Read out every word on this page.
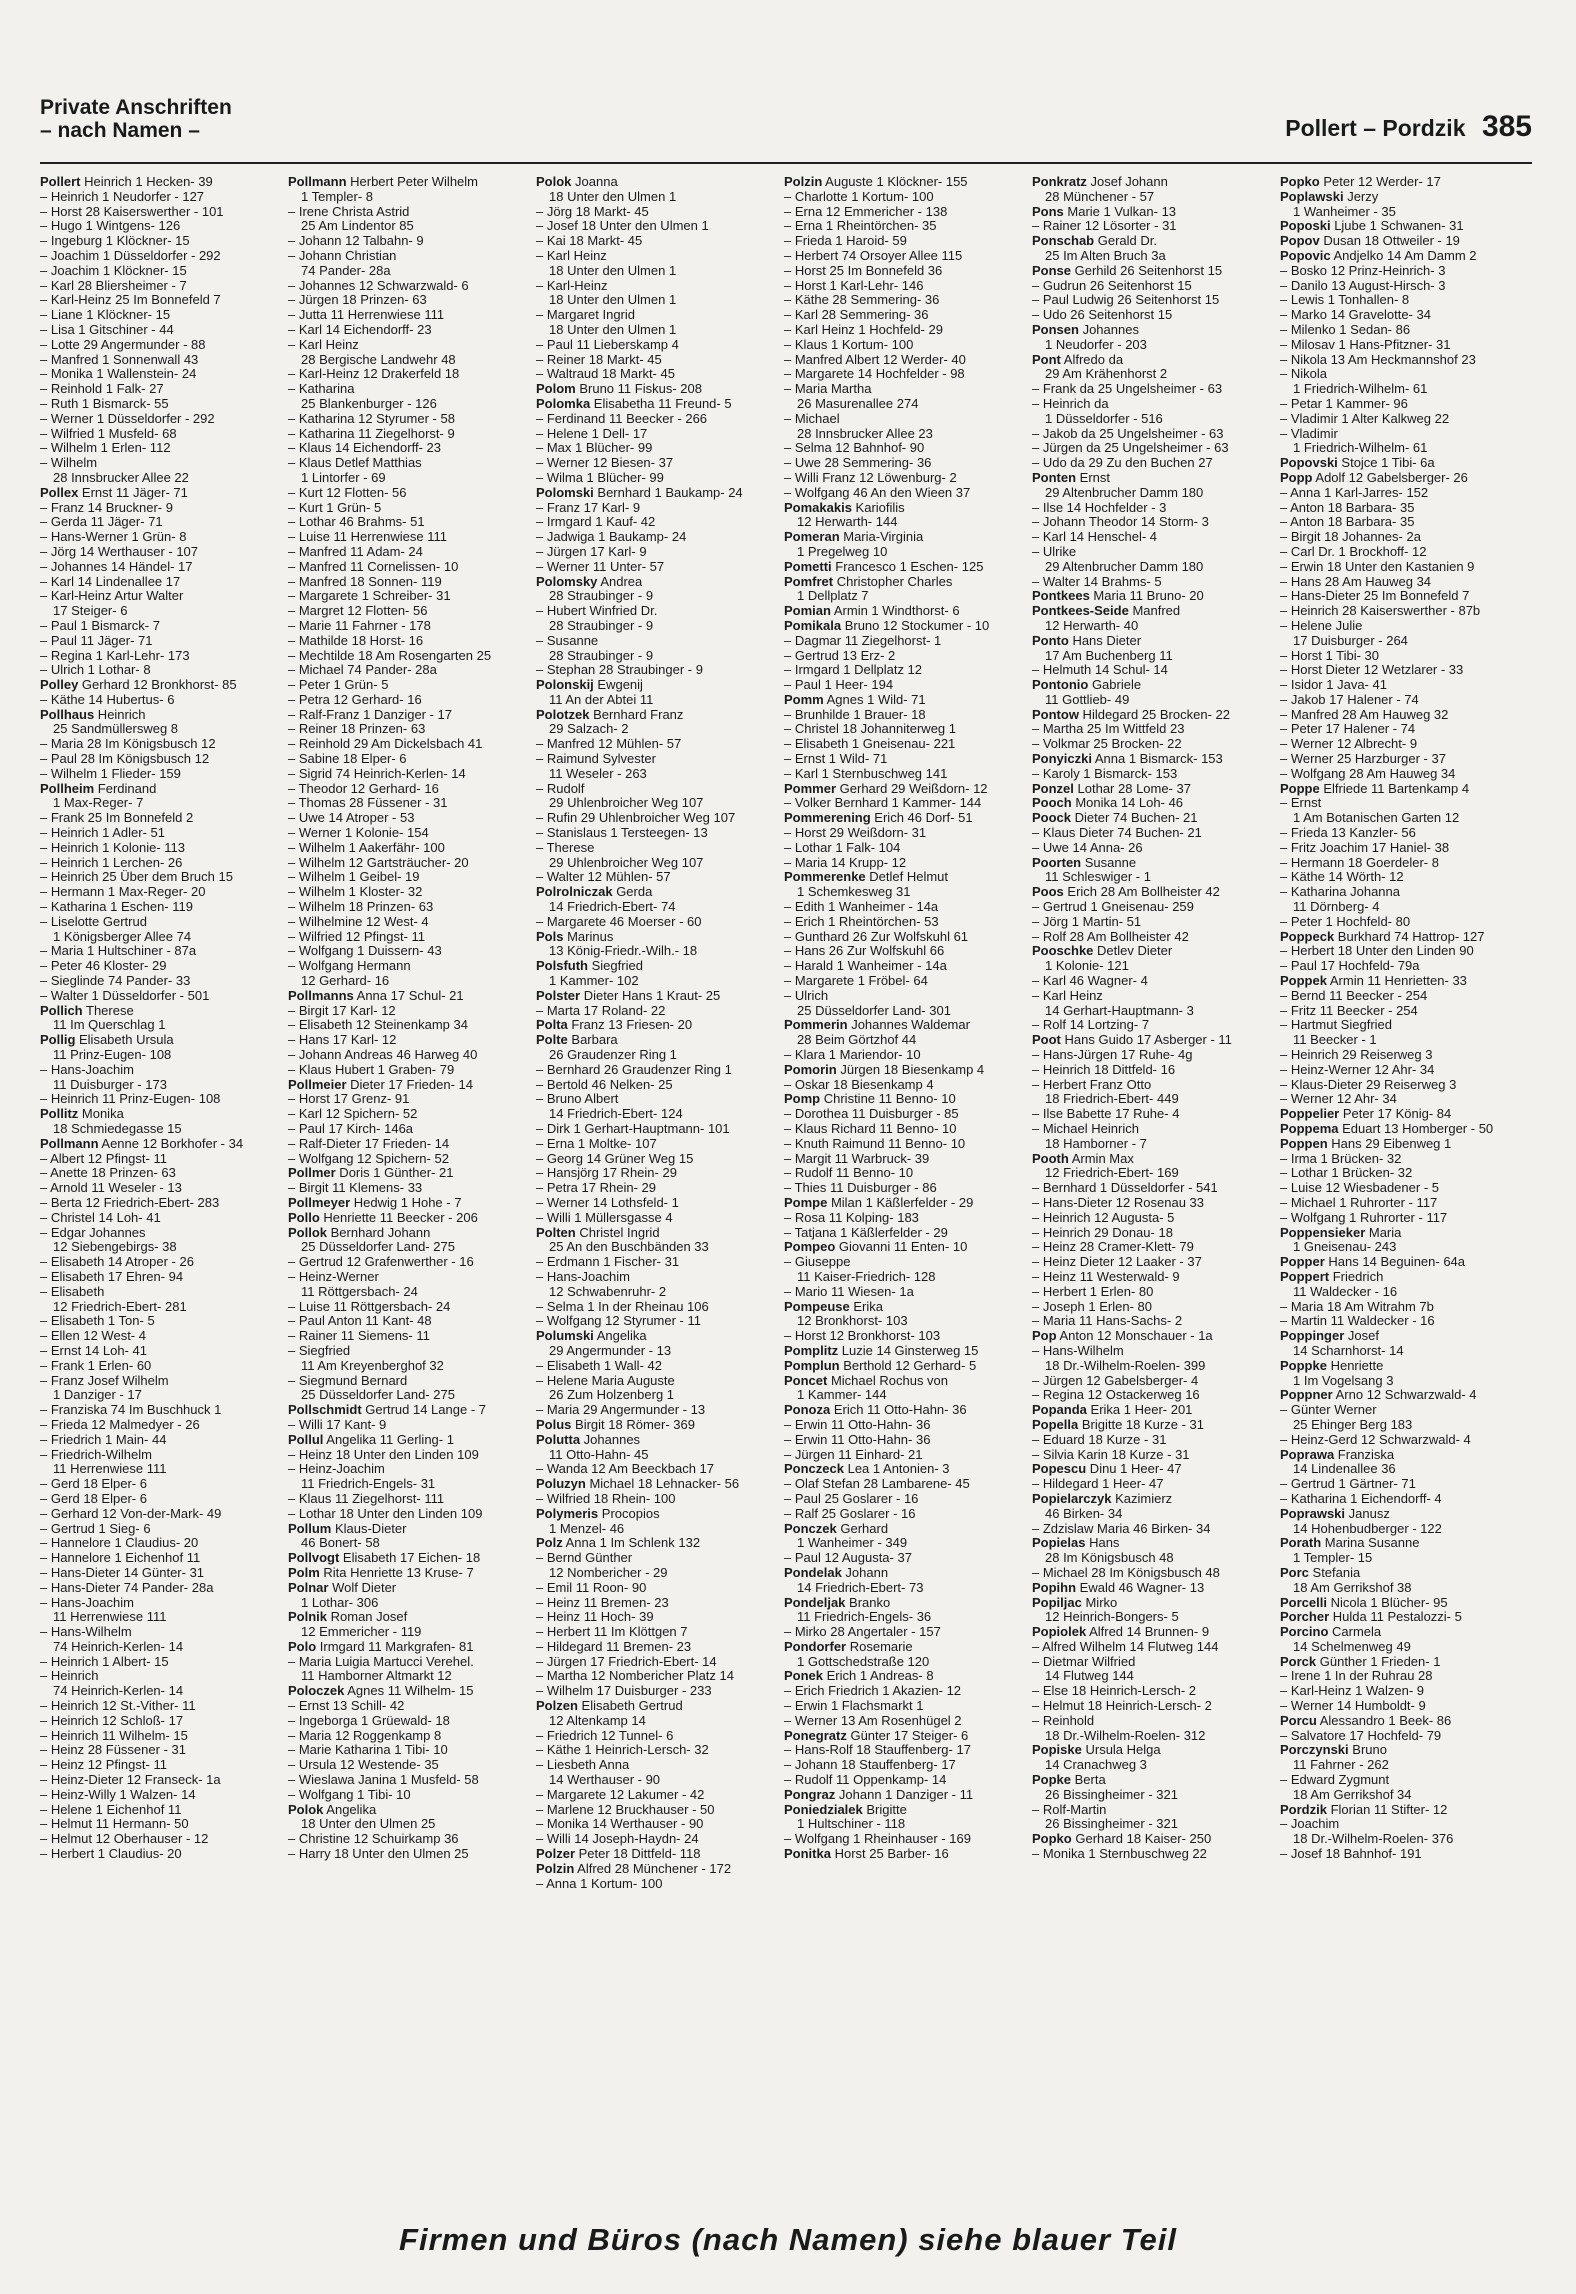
Private Anschriften
– nach Namen –	Pollert – Pordzik 385
Pollert Heinrich 1 Hecken- 39
– Heinrich 1 Neudorfer - 127
– Horst 28 Kaiserswerther - 101
– Hugo 1 Wintgens- 126
– Ingeburg 1 Klöckner- 15
– Joachim 1 Düsseldorfer - 292
– Joachim 1 Klöckner- 15
– Karl 28 Bliersheimer - 7
– Karl-Heinz 25 Im Bonnefeld 7
– Liane 1 Klöckner- 15
– Lisa 1 Gitschiner - 44
– Lotte 29 Angermunder - 88
– Manfred 1 Sonnenwall 43
– Monika 1 Wallenstein- 24
– Reinhold 1 Falk- 27
– Ruth 1 Bismarck- 55
– Werner 1 Düsseldorfer - 292
– Wilfried 1 Musfeld- 68
– Wilhelm 1 Erlen- 112
– Wilhelm
 28 Innsbrucker Allee 22
Pollex Ernst 11 Jäger- 71
– Franz 14 Bruckner- 9
– Gerda 11 Jäger- 71
– Hans-Werner 1 Grün- 8
– Jörg 14 Werthauser - 107
– Johannes 14 Händel- 17
– Karl 14 Lindenallee 17
– Karl-Heinz Artur Walter
 17 Steiger- 6
– Paul 1 Bismarck- 7
– Paul 11 Jäger- 71
– Regina 1 Karl-Lehr- 173
– Ulrich 1 Lothar- 8
Polley Gerhard 12 Bronkhorst- 85
– Käthe 14 Hubertus- 6
Pollhaus Heinrich
 25 Sandmüllersweg 8
– Maria 28 Im Königsbusch 12
– Paul 28 Im Königsbusch 12
– Wilhelm 1 Flieder- 159
Pollheim Ferdinand
 1 Max-Reger- 7
– Frank 25 Im Bonnefeld 2
– Heinrich 1 Adler- 51
– Heinrich 1 Kolonie- 113
– Heinrich 1 Lerchen- 26
– Heinrich 25 Über dem Bruch 15
– Hermann 1 Max-Reger- 20
– Katharina 1 Eschen- 119
– Liselotte Gertrud
 1 Königsberger Allee 74
– Maria 1 Hultschiner - 87a
– Peter 46 Kloster- 29
– Sieglinde 74 Pander- 33
– Walter 1 Düsseldorfer - 501
Pollich Therese
 11 Im Querschlag 1
Pollig Elisabeth Ursula
 11 Prinz-Eugen- 108
– Hans-Joachim
 11 Duisburger - 173
– Heinrich 11 Prinz-Eugen- 108
Pollitz Monika
 18 Schmiedegasse 15
Pollmann Aenne 12 Borkhofer - 34
– Albert 12 Pfingst- 11
– Anette 18 Prinzen- 63
– Arnold 11 Weseler - 13
– Berta 12 Friedrich-Ebert- 283
– Christel 14 Loh- 41
– Edgar Johannes
 12 Siebengebirgs- 38
– Elisabeth 14 Atroper - 26
– Elisabeth 17 Ehren- 94
– Elisabeth
 12 Friedrich-Ebert- 281
– Elisabeth 1 Ton- 5
– Ellen 12 West- 4
– Ernst 14 Loh- 41
– Frank 1 Erlen- 60
– Franz Josef Wilhelm
 1 Danziger - 17
– Franziska 74 Im Buschhuck 1
– Frieda 12 Malmedyer - 26
– Friedrich 1 Main- 44
– Friedrich-Wilhelm
 11 Herrenwiese 111
– Gerd 18 Elper- 6
– Gerd 18 Elper- 6
– Gerhard 12 Von-der-Mark- 49
– Gertrud 1 Sieg- 6
– Hannelore 1 Claudius- 20
– Hannelore 1 Eichenhof 11
– Hans-Dieter 14 Günter- 31
– Hans-Dieter 74 Pander- 28a
– Hans-Joachim
 11 Herrenwiese 111
– Hans-Wilhelm
 74 Heinrich-Kerlen- 14
– Heinrich 1 Albert- 15
– Heinrich
 74 Heinrich-Kerlen- 14
– Heinrich 12 St.-Vither- 11
– Heinrich 12 Schloß- 17
– Heinrich 11 Wilhelm- 15
– Heinz 28 Füssener - 31
– Heinz 12 Pfingst- 11
– Heinz-Dieter 12 Franseck- 1a
– Heinz-Willy 1 Walzen- 14
– Helene 1 Eichenhof 11
– Helmut 11 Hermann- 50
– Helmut 12 Oberhauser - 12
– Herbert 1 Claudius- 20
Pollmann Herbert Peter Wilhelm
 1 Templer- 8
– Irene Christa Astrid
 25 Am Lindentor 85
– Johann 12 Talbahn- 9
– Johann Christian
 74 Pander- 28a
– Johannes 12 Schwarzwald- 6
– Jürgen 18 Prinzen- 63
– Jutta 11 Herrenwiese 111
– Karl 14 Eichendorff- 23
– Karl Heinz
 28 Bergische Landwehr 48
– Karl-Heinz 12 Drakerfeld 18
– Katharina
 25 Blankenburger - 126
– Katharina 12 Styrumer - 58
– Katharina 11 Ziegelhorst- 9
– Klaus 14 Eichendorff- 23
– Klaus Detlef Matthias
 1 Lintorfer - 69
– Kurt 12 Flotten- 56
– Kurt 1 Grün- 5
– Lothar 46 Brahms- 51
– Luise 11 Herrenwiese 111
– Manfred 11 Adam- 24
– Manfred 11 Cornelissen- 10
– Manfred 18 Sonnen- 119
– Margarete 1 Schreiber- 31
– Margret 12 Flotten- 56
– Marie 11 Fahrner - 178
– Mathilde 18 Horst- 16
– Mechtilde 18 Am Rosengarten 25
– Michael 74 Pander- 28a
– Peter 1 Grün- 5
– Petra 12 Gerhard- 16
– Ralf-Franz 1 Danziger - 17
– Reiner 18 Prinzen- 63
– Reinhold 29 Am Dickelsbach 41
– Sabine 18 Elper- 6
– Sigrid 74 Heinrich-Kerlen- 14
– Theodor 12 Gerhard- 16
– Thomas 28 Füssener - 31
– Uwe 14 Atroper - 53
– Werner 1 Kolonie- 154
– Wilhelm 1 Aakerfähr- 100
– Wilhelm 12 Gartsträucher- 20
– Wilhelm 1 Geibel- 19
– Wilhelm 1 Kloster- 32
– Wilhelm 18 Prinzen- 63
– Wilhelmine 12 West- 4
– Wilfried 12 Pfingst- 11
– Wolfgang 1 Duissern- 43
– Wolfgang Hermann
 12 Gerhard- 16
Pollmanns Anna 17 Schul- 21
– Birgit 17 Karl- 12
– Elisabeth 12 Steinenkamp 34
– Hans 17 Karl- 12
– Johann Andreas 46 Harweg 40
– Klaus Hubert 1 Graben- 79
Pollmeier Dieter 17 Frieden- 14
– Horst 17 Grenz- 91
– Karl 12 Spichern- 52
– Paul 17 Kirch- 146a
– Ralf-Dieter 17 Frieden- 14
– Wolfgang 12 Spichern- 52
Pollmer Doris 1 Günther- 21
– Birgit 11 Klemens- 33
Pollmeyer Hedwig 1 Hohe - 7
Pollo Henriette 11 Beecker - 206
Pollok Bernhard Johann
 25 Düsseldorfer Land- 275
– Gertrud 12 Grafenwerther - 16
– Heinz-Werner
 11 Röttgersbach- 24
– Luise 11 Röttgersbach- 24
– Paul Anton 11 Kant- 48
– Rainer 11 Siemens- 11
– Siegfried
 11 Am Kreyenberghof 32
– Siegmund Bernard
 25 Düsseldorfer Land- 275
Pollschmidt Gertrud 14 Lange - 7
– Willi 17 Kant- 9
Pollul Angelika 11 Gerling- 1
– Heinz 18 Unter den Linden 109
– Heinz-Joachim
 11 Friedrich-Engels- 31
– Klaus 11 Ziegelhorst- 111
– Lothar 18 Unter den Linden 109
Pollum Klaus-Dieter
 46 Bonert- 58
Pollvogt Elisabeth 17 Eichen- 18
Polm Rita Henriette 13 Kruse- 7
Polnar Wolf Dieter
 1 Lothar- 306
Polnik Roman Josef
 12 Emmericher - 119
Polo Irmgard 11 Markgrafen- 81
– Maria Luigia Martucci Verehel.
 11 Hamborner Altmarkt 12
Poloczek Agnes 11 Wilhelm- 15
– Ernst 13 Schill- 42
– Ingeborga 1 Grüewald- 18
– Maria 12 Roggenkamp 8
– Marie Katharina 1 Tibi- 10
– Ursula 12 Westende- 35
– Wieslawa Janina 1 Musfeld- 58
– Wolfgang 1 Tibi- 10
Polok Angelika
 18 Unter den Ulmen 25
– Christine 12 Schuirkamp 36
– Harry 18 Unter den Ulmen 25
Polok Joanna
 18 Unter den Ulmen 1
– Jörg 18 Markt- 45
– Josef 18 Unter den Ulmen 1
– Kai 18 Markt- 45
– Karl Heinz
 18 Unter den Ulmen 1
– Karl-Heinz
 18 Unter den Ulmen 1
– Margaret Ingrid
 18 Unter den Ulmen 1
– Paul 11 Lieberskamp 4
– Reiner 18 Markt- 45
– Waltraud 18 Markt- 45
Polom Bruno 11 Fiskus- 208
Polomka Elisabetha 11 Freund- 5
– Ferdinand 11 Beecker - 266
– Helene 1 Dell- 17
– Max 1 Blücher- 99
– Werner 12 Biesen- 37
– Wilma 1 Blücher- 99
Polomski Bernhard 1 Baukamp- 24
– Franz 17 Karl- 9
– Irmgard 1 Kauf- 42
– Jadwiga 1 Baukamp- 24
– Jürgen 17 Karl- 9
– Werner 11 Unter- 57
Polomsky Andrea
 28 Straubinger - 9
– Hubert Winfried Dr.
 28 Straubinger - 9
– Susanne
 28 Straubinger - 9
– Stephan 28 Straubinger - 9
Polonskij Ewgenij
 11 An der Abtei 11
Polotzek Bernhard Franz
 29 Salzach- 2
– Manfred 12 Mühlen- 57
– Raimund Sylvester
 11 Weseler - 263
– Rudolf
 29 Uhlenbroicher Weg 107
– Rufin 29 Uhlenbroicher Weg 107
– Stanislaus 1 Tersteegen- 13
– Therese
 29 Uhlenbroicher Weg 107
– Walter 12 Mühlen- 57
Polrolniczak Gerda
 14 Friedrich-Ebert- 74
– Margarete 46 Moerser - 60
Pols Marinus
 13 König-Friedr.-Wilh.- 18
Polsfuth Siegfried
 1 Kammer- 102
Polster Dieter Hans 1 Kraut- 25
– Marta 17 Roland- 22
Polta Franz 13 Friesen- 20
Polte Barbara
 26 Graudenzer Ring 1
– Bernhard 26 Graudenzer Ring 1
– Bertold 46 Nelken- 25
– Bruno Albert
 14 Friedrich-Ebert- 124
– Dirk 1 Gerhart-Hauptmann- 101
– Erna 1 Moltke- 107
– Georg 14 Grüner Weg 15
– Hansjörg 17 Rhein- 29
– Petra 17 Rhein- 29
– Werner 14 Lothsfeld- 1
– Willi 1 Müllersgasse 4
Polten Christel Ingrid
 25 An den Buschbänden 33
– Erdmann 1 Fischer- 31
– Hans-Joachim
 12 Schwabenruhr- 2
– Selma 1 In der Rheinau 106
– Wolfgang 12 Styrumer - 11
Polumski Angelika
 29 Angermunder - 13
– Elisabeth 1 Wall- 42
– Helene Maria Auguste
 26 Zum Holzenberg 1
– Maria 29 Angermunder - 13
Polus Birgit 18 Römer- 369
Polutta Johannes
 11 Otto-Hahn- 45
– Wanda 12 Am Beeckbach 17
Poluzyn Michael 18 Lehnacker- 56
– Wilfried 18 Rhein- 100
Polymeris Procopios
 1 Menzel- 46
Polz Anna 1 Im Schlenk 132
– Bernd Günther
 12 Nombericher - 29
– Emil 11 Roon- 90
– Heinz 11 Bremen- 23
– Heinz 11 Hoch- 39
– Herbert 11 Im Klöttgen 7
– Hildegard 11 Bremen- 23
– Jürgen 17 Friedrich-Ebert- 14
– Martha 12 Nombericher Platz 14
– Wilhelm 17 Duisburger - 233
Polzen Elisabeth Gertrud
 12 Altenkamp 14
– Friedrich 12 Tunnel- 6
– Käthe 1 Heinrich-Lersch- 32
– Liesbeth Anna
 14 Werthauser - 90
– Margarete 12 Lakumer - 42
– Marlene 12 Bruckhauser - 50
– Monika 14 Werthauser - 90
– Willi 14 Joseph-Haydn- 24
Polzer Peter 18 Dittfeld- 118
Polzin Alfred 28 Münchener - 172
– Anna 1 Kortum- 100
Polzin Auguste 1 Klöckner- 155
– Charlotte 1 Kortum- 100
– Erna 12 Emmericher - 138
– Erna 1 Rheintörchen- 35
– Frieda 1 Haroid- 59
– Herbert 74 Orsoyer Allee 115
– Horst 25 Im Bonnefeld 36
– Horst 1 Karl-Lehr- 146
– Käthe 28 Semmering- 36
– Karl 28 Semmering- 36
– Karl Heinz 1 Hochfeld- 29
– Klaus 1 Kortum- 100
– Manfred Albert 12 Werder- 40
– Margarete 14 Hochfelder - 98
– Maria Martha
 26 Masurenallee 274
– Michael
 28 Innsbrucker Allee 23
– Selma 12 Bahnhof- 90
– Uwe 28 Semmering- 36
– Willi Franz 12 Löwenburg- 2
– Wolfgang 46 An den Wieen 37
Pomakakis Kariofilis
 12 Herwarth- 144
Pomeran Maria-Virginia
 1 Pregelweg 10
Pometti Francesco 1 Eschen- 125
Pomfret Christopher Charles
 1 Dellplatz 7
Pomian Armin 1 Windthorst- 6
Pomikala Bruno 12 Stockumer - 10
– Dagmar 11 Ziegelhorst- 1
– Gertrud 13 Erz- 2
– Irmgard 1 Dellplatz 12
– Paul 1 Heer- 194
Pomm Agnes 1 Wild- 71
– Brunhilde 1 Brauer- 18
– Christel 18 Johanniterweg 1
– Elisabeth 1 Gneisenau- 221
– Ernst 1 Wild- 71
– Karl 1 Sternbuschweg 141
Pommer Gerhard 29 Weißdorn- 12
– Volker Bernhard 1 Kammer- 144
Pommerening Erich 46 Dorf- 51
– Horst 29 Weißdorn- 31
– Lothar 1 Falk- 104
– Maria 14 Krupp- 12
Pommerenke Detlef Helmut
 1 Schemkesweg 31
– Edith 1 Wanheimer - 14a
– Erich 1 Rheintörchen- 53
– Gunthard 26 Zur Wolfskuhl 61
– Hans 26 Zur Wolfskuhl 66
– Harald 1 Wanheimer - 14a
– Margarete 1 Fröbel- 64
– Ulrich
 25 Düsseldorfer Land- 301
Pommerin Johannes Waldemar
 28 Beim Görtzhof 44
– Klara 1 Mariendor- 10
Pomorin Jürgen 18 Biesenkamp 4
– Oskar 18 Biesenkamp 4
Pomp Christine 11 Benno- 10
– Dorothea 11 Duisburger - 85
– Klaus Richard 11 Benno- 10
– Knuth Raimund 11 Benno- 10
– Margit 11 Warbruck- 39
– Rudolf 11 Benno- 10
– Thies 11 Duisburger - 86
Pompe Milan 1 Käßlerfelder - 29
– Rosa 11 Kolping- 183
– Tatjana 1 Käßlerfelder - 29
Pompeo Giovanni 11 Enten- 10
– Giuseppe
 11 Kaiser-Friedrich- 128
– Mario 11 Wiesen- 1a
Pompeuse Erika
 12 Bronkhorst- 103
– Horst 12 Bronkhorst- 103
Pomplitz Luzie 14 Ginsterweg 15
Pomplun Berthold 12 Gerhard- 5
Poncet Michael Rochus von
 1 Kammer- 144
Ponoza Erich 11 Otto-Hahn- 36
– Erwin 11 Otto-Hahn- 36
– Erwin 11 Otto-Hahn- 36
– Jürgen 11 Einhard- 21
Ponczeck Lea 1 Antonien- 3
– Olaf Stefan 28 Lambarene- 45
– Paul 25 Goslarer - 16
– Ralf 25 Goslarer - 16
Ponczek Gerhard
 1 Wanheimer - 349
– Paul 12 Augusta- 37
Pondelak Johann
 14 Friedrich-Ebert- 73
Pondeljak Branko
 11 Friedrich-Engels- 36
– Mirko 28 Angertaler - 157
Pondorfer Rosemarie
 1 Gottschedstraße 120
Ponek Erich 1 Andreas- 8
– Erich Friedrich 1 Akazien- 12
– Erwin 1 Flachsmarkt 1
– Werner 13 Am Rosenhügel 2
Ponegratz Günter 17 Steiger- 6
– Hans-Rolf 18 Stauffenberg- 17
– Johann 18 Stauffenberg- 17
– Rudolf 11 Oppenkamp- 14
Pongraz Johann 1 Danziger - 11
Poniedzialek Brigitte
 1 Hultschiner - 118
– Wolfgang 1 Rheinhauser - 169
Ponitka Horst 25 Barber- 16
Ponkratz Josef Johann
 28 Münchener - 57
Pons Marie 1 Vulkan- 13
– Rainer 12 Lösorter - 31
Ponschab Gerald Dr.
 25 Im Alten Bruch 3a
Ponse Gerhild 26 Seitenhorst 15
– Gudrun 26 Seitenhorst 15
– Paul Ludwig 26 Seitenhorst 15
– Udo 26 Seitenhorst 15
Ponsen Johannes
 1 Neudorfer - 203
Pont Alfredo da
 29 Am Krähenhorst 2
– Frank da 25 Ungelsheimer - 63
– Heinrich da
 1 Düsseldorfer - 516
– Jakob da 25 Ungelsheimer - 63
– Jürgen da 25 Ungelsheimer - 63
– Udo da 29 Zu den Buchen 27
Ponten Ernst
 29 Altenbrucher Damm 180
– Ilse 14 Hochfelder - 3
– Johann Theodor 14 Storm- 3
– Karl 14 Henschel- 4
– Ulrike
 29 Altenbrucher Damm 180
– Walter 14 Brahms- 5
Pontkees Maria 11 Bruno- 20
Pontkees-Seide Manfred
 12 Herwarth- 40
Ponto Hans Dieter
 17 Am Buchenberg 11
– Helmuth 14 Schul- 14
Pontonio Gabriele
 11 Gottlieb- 49
Pontow Hildegard 25 Brocken- 22
– Martha 25 Im Wittfeld 23
– Volkmar 25 Brocken- 22
Ponyiczki Anna 1 Bismarck- 153
– Karoly 1 Bismarck- 153
Ponzel Lothar 28 Lome- 37
Pooch Monika 14 Loh- 46
Poock Dieter 74 Buchen- 21
– Klaus Dieter 74 Buchen- 21
– Uwe 14 Anna- 26
Poorten Susanne
 11 Schleswiger - 1
Poos Erich 28 Am Bollheister 42
– Gertrud 1 Gneisenau- 259
– Jörg 1 Martin- 51
– Rolf 28 Am Bollheister 42
Pooschke Detlev Dieter
 1 Kolonie- 121
– Karl 46 Wagner- 4
– Karl Heinz
 14 Gerhart-Hauptmann- 3
– Rolf 14 Lortzing- 7
Poot Hans Guido 17 Asberger - 11
– Hans-Jürgen 17 Ruhe- 4g
– Heinrich 18 Dittfeld- 16
– Herbert Franz Otto
 18 Friedrich-Ebert- 449
– Ilse Babette 17 Ruhe- 4
– Michael Heinrich
 18 Hamborner - 7
Pooth Armin Max
 12 Friedrich-Ebert- 169
– Bernhard 1 Düsseldorfer - 541
– Hans-Dieter 12 Rosenau 33
– Heinrich 12 Augusta- 5
– Heinrich 29 Donau- 18
– Heinz 28 Cramer-Klett- 79
– Heinz Dieter 12 Laaker - 37
– Heinz 11 Westerwald- 9
– Herbert 1 Erlen- 80
– Joseph 1 Erlen- 80
– Maria 11 Hans-Sachs- 2
Pop Anton 12 Monschauer - 1a
– Hans-Wilhelm
 18 Dr.-Wilhelm-Roelen- 399
– Jürgen 12 Gabelsberger- 4
– Regina 12 Ostackerweg 16
Popanda Erika 1 Heer- 201
Popella Brigitte 18 Kurze - 31
– Eduard 18 Kurze - 31
– Silvia Karin 18 Kurze - 31
Popescu Dinu 1 Heer- 47
– Hildegard 1 Heer- 47
Popielarczyk Kazimierz
 46 Birken- 34
– Zdzislaw Maria 46 Birken- 34
Popielas Hans
 28 Im Königsbusch 48
– Michael 28 Im Königsbusch 48
Popihn Ewald 46 Wagner- 13
Popiljac Mirko
 12 Heinrich-Bongers- 5
Popiolek Alfred 14 Brunnen- 9
– Alfred Wilhelm 14 Flutweg 144
– Dietmar Wilfried
 14 Flutweg 144
– Else 18 Heinrich-Lersch- 2
– Helmut 18 Heinrich-Lersch- 2
– Reinhold
 18 Dr.-Wilhelm-Roelen- 312
Popiske Ursula Helga
 14 Cranachweg 3
Popke Berta
 26 Bissingheimer - 321
– Rolf-Martin
 26 Bissingheimer - 321
Popko Gerhard 18 Kaiser- 250
– Monika 1 Sternbuschweg 22
Popko Peter 12 Werder- 17
Poplawski Jerzy
 1 Wanheimer - 35
Poposki Ljube 1 Schwanen- 31
Popov Dusan 18 Ottweiler - 19
Popovic Andjelko 14 Am Damm 2
– Bosko 12 Prinz-Heinrich- 3
– Danilo 13 August-Hirsch- 3
– Lewis 1 Tonhallen- 8
– Marko 14 Gravelotte- 34
– Milenko 1 Sedan- 86
– Milosav 1 Hans-Pfitzner- 31
– Nikola 13 Am Heckmannshof 23
– Nikola
 1 Friedrich-Wilhelm- 61
– Petar 1 Kammer- 96
– Vladimir 1 Alter Kalkweg 22
– Vladimir
 1 Friedrich-Wilhelm- 61
Popovski Stojce 1 Tibi- 6a
Popp Adolf 12 Gabelsberger- 26
– Anna 1 Karl-Jarres- 152
– Anton 18 Barbara- 35
– Anton 18 Barbara- 35
– Birgit 18 Johannes- 2a
– Carl Dr. 1 Brockhoff- 12
– Erwin 18 Unter den Kastanien 9
– Hans 28 Am Hauweg 34
– Hans-Dieter 25 Im Bonnefeld 7
– Heinrich 28 Kaiserswerther - 87b
– Helene Julie
 17 Duisburger - 264
– Horst 1 Tibi- 30
– Horst Dieter 12 Wetzlarer - 33
– Isidor 1 Java- 41
– Jakob 17 Halener - 74
– Manfred 28 Am Hauweg 32
– Peter 17 Halener - 74
– Werner 12 Albrecht- 9
– Werner 25 Harzburger - 37
– Wolfgang 28 Am Hauweg 34
Poppe Elfriede 11 Bartenkamp 4
– Ernst
 1 Am Botanischen Garten 12
– Frieda 13 Kanzler- 56
– Fritz Joachim 17 Haniel- 38
– Hermann 18 Goerdeler- 8
– Käthe 14 Wörth- 12
– Katharina Johanna
 11 Dörnberg- 4
– Peter 1 Hochfeld- 80
Poppeck Burkhard 74 Hattrop- 127
– Herbert 18 Unter den Linden 90
– Paul 17 Hochfeld- 79a
Poppek Armin 11 Henrietten- 33
– Bernd 11 Beecker - 254
– Fritz 11 Beecker - 254
– Hartmut Siegfried
 11 Beecker - 1
– Heinrich 29 Reiserweg 3
– Heinz-Werner 12 Ahr- 34
– Klaus-Dieter 29 Reiserweg 3
– Werner 12 Ahr- 34
Poppelier Peter 17 König- 84
Poppema Eduart 13 Homberger - 50
Poppen Hans 29 Eibenweg 1
– Irma 1 Brücken- 32
– Lothar 1 Brücken- 32
– Luise 12 Wiesbadener - 5
– Michael 1 Ruhrorter - 117
– Wolfgang 1 Ruhrorter - 117
Poppensieker Maria
 1 Gneisenau- 243
Popper Hans 14 Beguinen- 64a
Poppert Friedrich
 11 Waldecker - 16
– Maria 18 Am Witrahm 7b
– Martin 11 Waldecker - 16
Poppinger Josef
 14 Scharnhorst- 14
Poppke Henriette
 1 Im Vogelsang 3
Poppner Arno 12 Schwarzwald- 4
– Günter Werner
 25 Ehinger Berg 183
– Heinz-Gerd 12 Schwarzwald- 4
Poprawa Franziska
 14 Lindenallee 36
– Gertrud 1 Gärtner- 71
– Katharina 1 Eichendorff- 4
Poprawski Janusz
 14 Hohenbudberger - 122
Porath Marina Susanne
 1 Templer- 15
Porc Stefania
 18 Am Gerrikshof 38
Porcelli Nicola 1 Blücher- 95
Porcher Hulda 11 Pestalozzi- 5
Porcino Carmela
 14 Schelmenweg 49
Porck Günther 1 Frieden- 1
– Irene 1 In der Ruhrau 28
– Karl-Heinz 1 Walzen- 9
– Werner 14 Humboldt- 9
Porcu Alessandro 1 Beek- 86
– Salvatore 17 Hochfeld- 79
Porczynski Bruno
 11 Fahrner - 262
– Edward Zygmunt
 18 Am Gerrikshof 34
Pordzik Florian 11 Stifter- 12
– Joachim
 18 Dr.-Wilhelm-Roelen- 376
– Josef 18 Bahnhof- 191
Firmen und Büros (nach Namen) siehe blauer Teil
